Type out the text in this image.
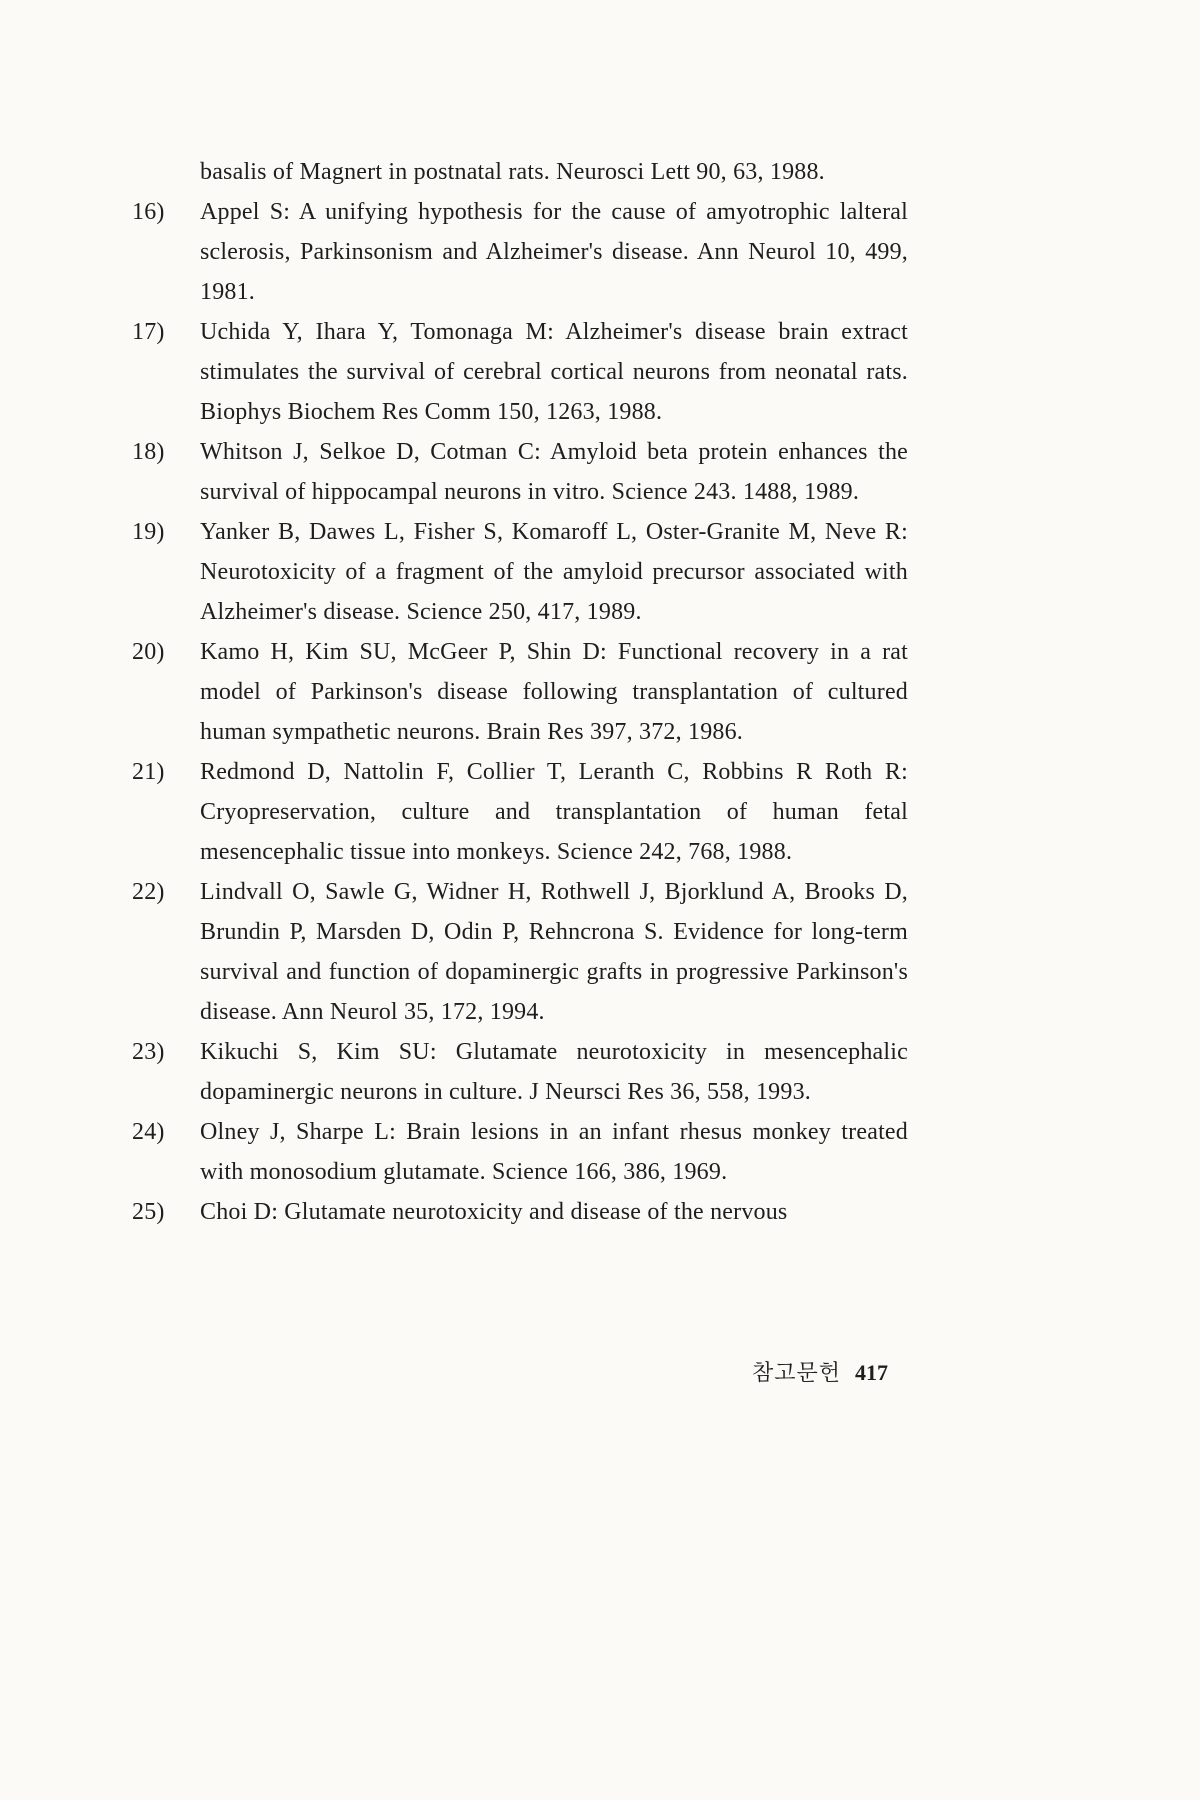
basalis of Magnert in postnatal rats. Neurosci Lett 90, 63, 1988.
16)	Appel S: A unifying hypothesis for the cause of amyotrophic lalteral sclerosis, Parkinsonism and Alzheimer's disease. Ann Neurol 10, 499, 1981.
17)	Uchida Y, Ihara Y, Tomonaga M: Alzheimer's disease brain extract stimulates the survival of cerebral cortical neurons from neonatal rats. Biophys Biochem Res Comm 150, 1263, 1988.
18)	Whitson J, Selkoe D, Cotman C: Amyloid beta protein enhances the survival of hippocampal neurons in vitro. Science 243. 1488, 1989.
19)	Yanker B, Dawes L, Fisher S, Komaroff L, Oster-Granite M, Neve R: Neurotoxicity of a fragment of the amyloid precursor associated with Alzheimer's disease. Science 250, 417, 1989.
20)	Kamo H, Kim SU, McGeer P, Shin D: Functional recovery in a rat model of Parkinson's disease following transplantation of cultured human sympathetic neurons. Brain Res 397, 372, 1986.
21)	Redmond D, Nattolin F, Collier T, Leranth C, Robbins R Roth R: Cryopreservation, culture and transplantation of human fetal mesencephalic tissue into monkeys. Science 242, 768, 1988.
22)	Lindvall O, Sawle G, Widner H, Rothwell J, Bjorklund A, Brooks D, Brundin P, Marsden D, Odin P, Rehncrona S. Evidence for long-term survival and function of dopaminergic grafts in progressive Parkinson's disease. Ann Neurol 35, 172, 1994.
23)	Kikuchi S, Kim SU: Glutamate neurotoxicity in mesencephalic dopaminergic neurons in culture. J Neursci Res 36, 558, 1993.
24)	Olney J, Sharpe L: Brain lesions in an infant rhesus monkey treated with monosodium glutamate. Science 166, 386, 1969.
25)	Choi D: Glutamate neurotoxicity and disease of the nervous
참고문헌 417
